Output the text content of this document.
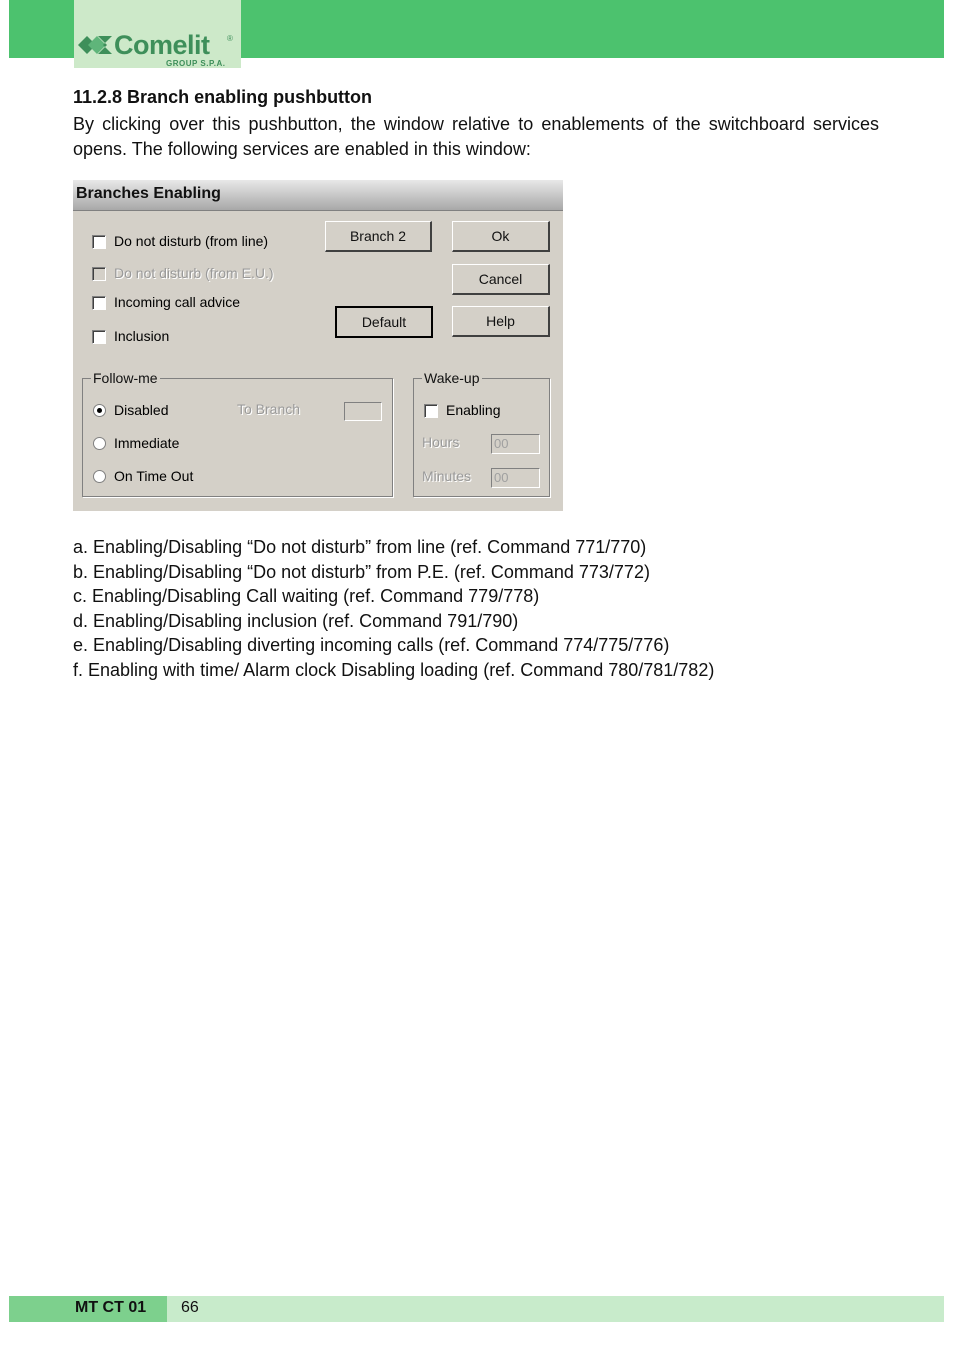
Comelit ®
GROUP S.P.A.
11.2.8 Branch enabling pushbutton
By clicking over this pushbutton, the window relative to enablements of the switchboard services opens. The following services are enabled in this window:
Branches Enabling
Do not disturb (from line)
Do not disturb (from E.U.)
Incoming call advice
Inclusion
Branch 2	Ok
Cancel
Default	Help
Follow-me
Disabled
Immediate
On Time Out
To Branch
Wake-up
Enabling
Hours	00
Minutes 00
a. Enabling/Disabling “Do not disturb” from line (ref. Command 771/770)
b. Enabling/Disabling “Do not disturb” from P.E. (ref. Command 773/772)
c. Enabling/Disabling Call waiting (ref. Command 779/778)
d. Enabling/Disabling inclusion (ref. Command 791/790)
e. Enabling/Disabling diverting incoming calls (ref. Command 774/775/776)
f. Enabling with time/ Alarm clock Disabling loading (ref. Command 780/781/782)
MT CT 01 66
